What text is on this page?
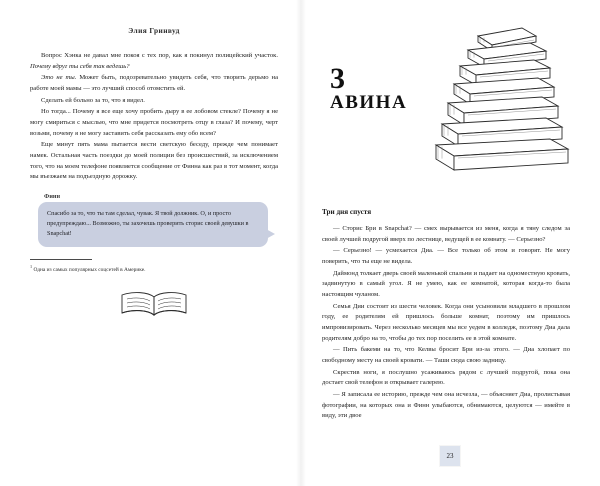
Элия Гринвуд

Вопрос Хэнка не давал мне покоя с тех пор, как я покинул полицейский участок. Почему вдруг ты себя так ведешь?

Это не ты. Может быть, подозревательно увидеть себя, что творить дерьмо на работе моей мамы — это лучший способ отомстить ей.

Сделать ей больно за то, что я видел.

Но тогда... Почему я все еще хочу пробить дыру в ее лобовом стекле? Почему я не могу смириться с мыслью, что мне придется посмотреть отцу в глаза? И почему, черт возьми, почему я не могу заставить себя рассказать ему обо всем?

Еще минут пять мама пытается вести светскую беседу, прежде чем понимает намек. Остальная часть поездки до моей полиции без происшествий, за исключением того, что на моем телефоне появляется сообщение от Финна как раз в тот момент, когда мы въезжаем на подъездную дорожку.

Финн

Спасибо за то, что ты там сделал, чувак. Я твой должник. О, и просто предупреждаю... Возможно, ты захочешь проверить сторис своей девушки в Snapchat!

$^1$ Одна из самых популярных соцсетей в Америке.
3
АВИНА
Три дня спустя

— Сторис Бри в Snapchat? — смех вырывается из меня, когда я тяну следом за своей лучшей подругой вверх по лестнице, ведущей в ее комнату. — Серьезно?

— Серьезно! — усмехается Диа. — Все только об этом и говорят. Не могу поверить, что ты еще не видела.

Даймонд толкает дверь своей маленькой спальни и падает на одноместную кровать, задвинутую в самый угол. Я не умею, как ее комнатой, которая когда-то была настоящим чуланом.

Семья Дии состоит из шести человек. Когда они усыновили младшего в прошлом году, ее родителям ей пришлось больше комнат, поэтому им пришлось импровизировать. Через несколько месяцев мы все уедем в колледж, поэтому Диа дала родителям добро на то, чтобы до тех пор поселить ее в этой комнате.

— Пить бакеми на то, что Келвы бросит Бри из-за этого. — Диа хлопает по свободному месту на своей кровати. — Таши сюда свою задницу.

Скрестив ноги, я послушно усаживаюсь рядом с лучшей подругой, пока она достает свой телефон и открывает галерею.

— Я записала ее историю, прежде чем она исчезла, — объясняет Диа, пролистывая фотографии, на которых она и Финн улыбаются, обнимаются, целуются — имейте в виду, эти двое

23
